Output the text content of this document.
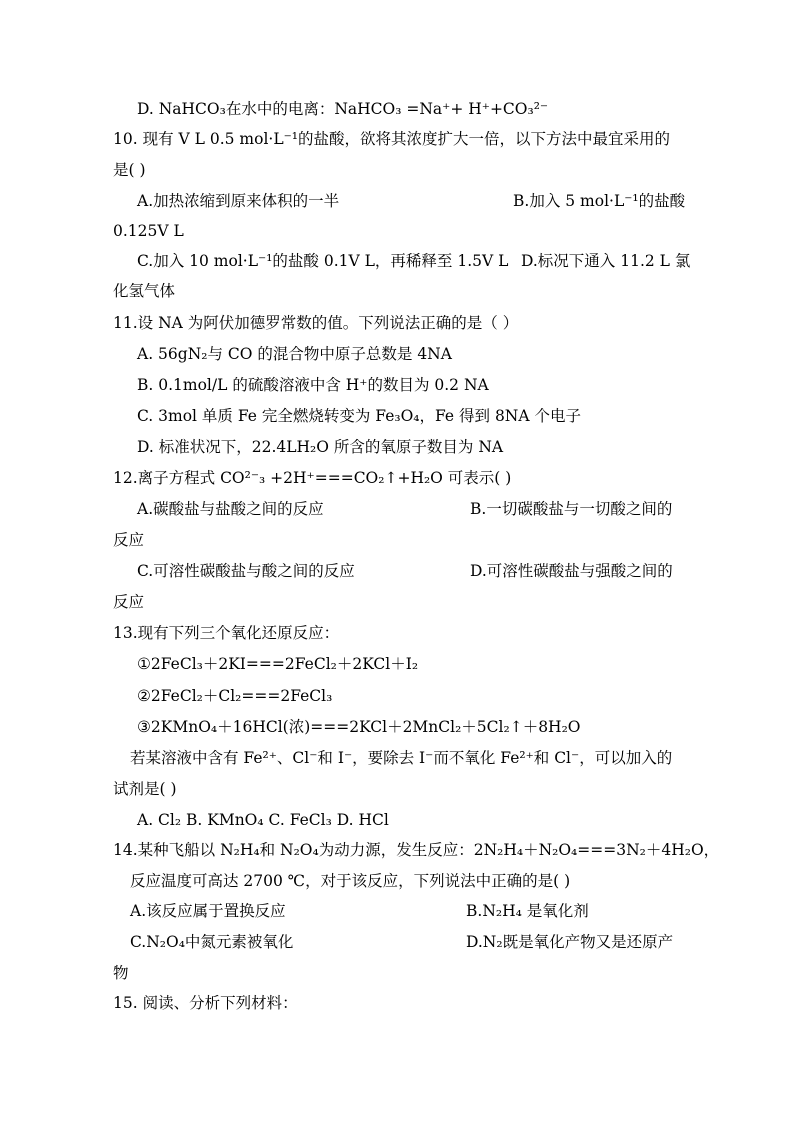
D. NaHCO₃在水中的电离：NaHCO₃ =Na⁺+ H⁺+CO₃²⁻
10. 现有 V L 0.5 mol·L⁻¹的盐酸，欲将其浓度扩大一倍，以下方法中最宜采用的
是( )
A.加热浓缩到原来体积的一半	B.加入 5 mol·L⁻¹的盐酸
0.125V L
C.加入 10 mol·L⁻¹的盐酸 0.1V L，再稀释至 1.5V L D.标况下通入 11.2 L 氯
化氢气体
11.设 NA 为阿伏加德罗常数的值。下列说法正确的是（ ）
A. 56gN₂与 CO 的混合物中原子总数是 4NA
B. 0.1mol/L 的硫酸溶液中含 H⁺的数目为 0.2 NA
C. 3mol 单质 Fe 完全燃烧转变为 Fe₃O₄，Fe 得到 8NA 个电子
D. 标准状况下，22.4LH₂O 所含的氧原子数目为 NA
12.离子方程式 CO²⁻₃ +2H⁺===CO₂↑+H₂O 可表示( )
A.碳酸盐与盐酸之间的反应	B.一切碳酸盐与一切酸之间的
反应
C.可溶性碳酸盐与酸之间的反应	D.可溶性碳酸盐与强酸之间的
反应
13.现有下列三个氧化还原反应：
①2FeCl₃＋2KI===2FeCl₂＋2KCl＋I₂
②2FeCl₂＋Cl₂===2FeCl₃
③2KMnO₄＋16HCl(浓)===2KCl＋2MnCl₂＋5Cl₂↑＋8H₂O
若某溶液中含有 Fe²⁺、Cl⁻和 I⁻，要除去 I⁻而不氧化 Fe²⁺和 Cl⁻，可以加入的
试剂是( )
A. Cl₂ B. KMnO₄ C. FeCl₃ D. HCl
14.某种飞船以 N₂H₄和 N₂O₄为动力源，发生反应：2N₂H₄＋N₂O₄===3N₂＋4H₂O，
反应温度可高达 2700 ℃，对于该反应，下列说法中正确的是( )
A.该反应属于置换反应	B.N₂H₄ 是氧化剂
C.N₂O₄中氮元素被氧化	D.N₂既是氧化产物又是还原产
物
15. 阅读、分析下列材料：
